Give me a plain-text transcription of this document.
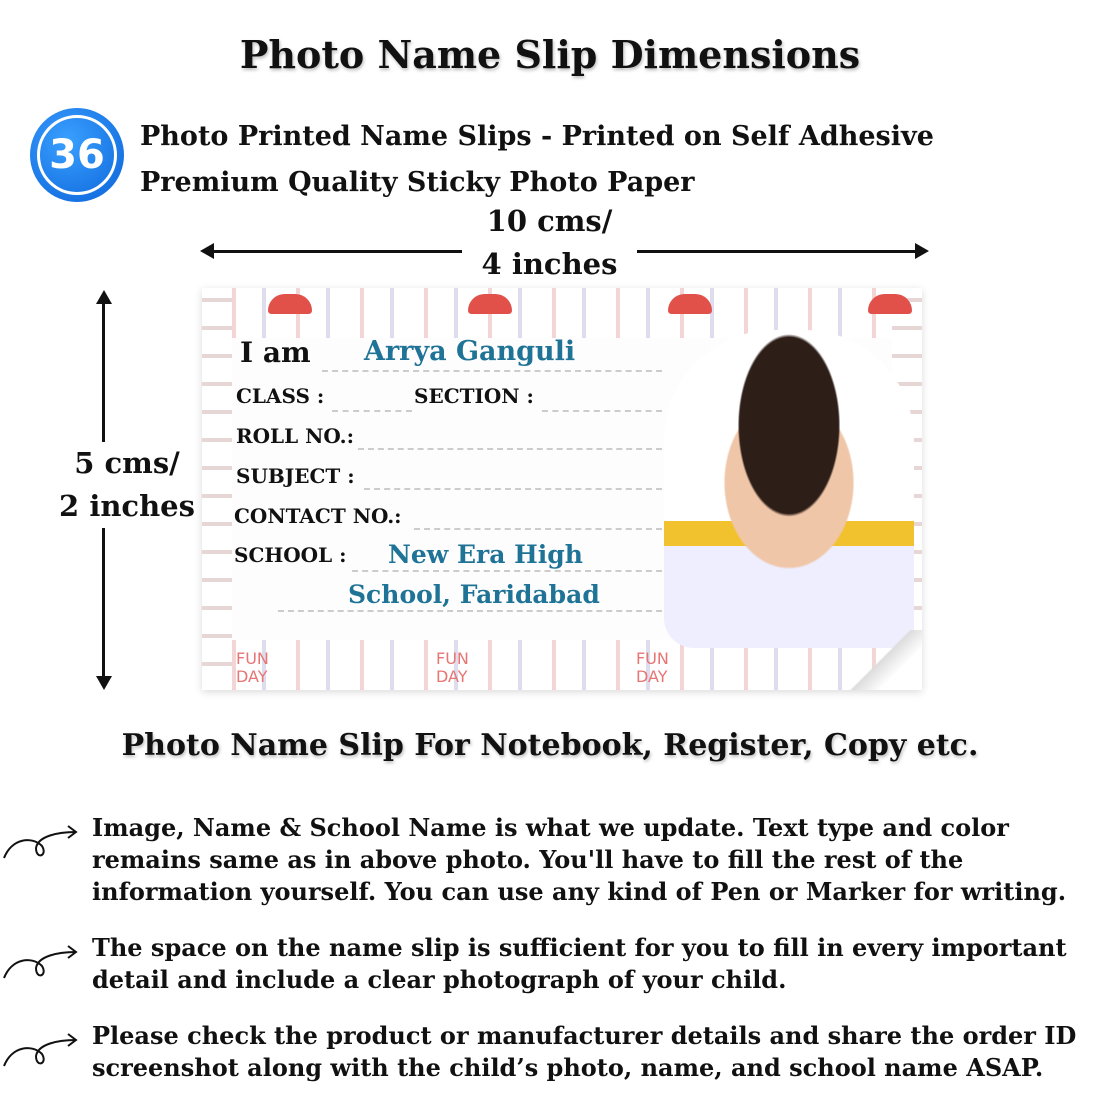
Photo Name Slip Dimensions
36 Photo Printed Name Slips - Printed on Self Adhesive Premium Quality Sticky Photo Paper
10 cms/
4 inches
5 cms/
2 inches
FUN
DAY
FUN
DAY
FUN
DAY
I am Arrya Ganguli
CLASS :	SECTION :
ROLL NO.:
SUBJECT :
CONTACT NO.:
SCHOOL : New Era High
School, Faridabad
Photo Name Slip For Notebook, Register, Copy etc.
Image, Name & School Name is what we update. Text type and color remains same as in above photo. You'll have to fill the rest of the information yourself. You can use any kind of Pen or Marker for writing.
The space on the name slip is sufficient for you to fill in every important detail and include a clear photograph of your child.
Please check the product or manufacturer details and share the order ID screenshot along with the child’s photo, name, and school name ASAP.
